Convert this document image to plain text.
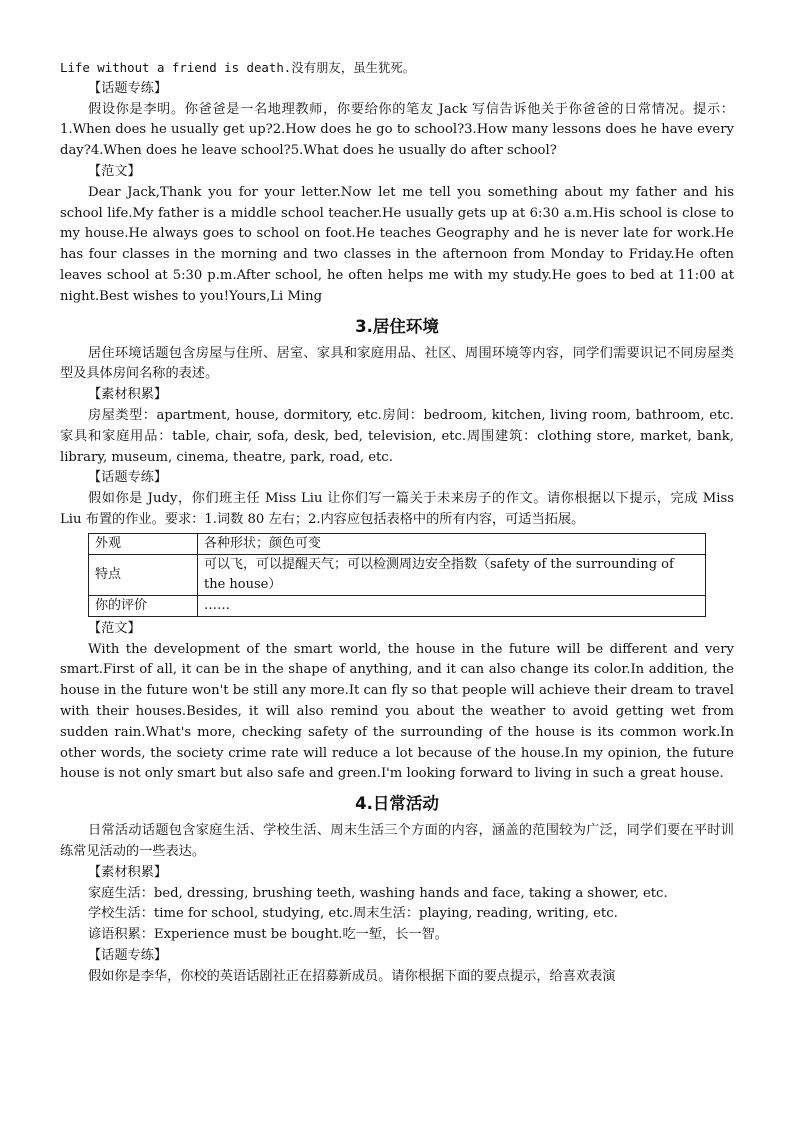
Life without a friend is death.没有朋友，虽生犹死。

【话题专练】

假设你是李明。你爸爸是一名地理教师，你要给你的笔友 Jack 写信告诉他关于你爸爸的日常情况。提示： 1.When does he usually get up?2.How does he go to school?3.How many lessons does he have every day?4.When does he leave school?5.What does he usually do after school?

【范文】

Dear Jack,Thank you for your letter.Now let me tell you something about my father and his school life.My father is a middle school teacher.He usually gets up at 6:30 a.m.His school is close to my house.He always goes to school on foot.He teaches Geography and he is never late for work.He has four classes in the morning and two classes in the afternoon from Monday to Friday.He often leaves school at 5:30 p.m.After school, he often helps me with my study.He goes to bed at 11:00 at night.Best wishes to you!Yours,Li Ming

3.居住环境

居住环境话题包含房屋与住所、居室、家具和家庭用品、社区、周围环境等内容，同学们需要识记不同房屋类型及具体房间名称的表述。

【素材积累】

房屋类型：apartment, house, dormitory, etc.房间：bedroom, kitchen, living room, bathroom, etc.家具和家庭用品：table, chair, sofa, desk, bed, television, etc.周围建筑：clothing store, market, bank, library, museum, cinema, theatre, park, road, etc.

【话题专练】

假如你是 Judy，你们班主任 Miss Liu 让你们写一篇关于未来房子的作文。请你根据以下提示，完成 Miss Liu 布置的作业。要求：1.词数 80 左右；2.内容应包括表格中的所有内容，可适当拓展。

外观	各种形状；颜色可变
特点	可以飞，可以提醒天气；可以检测周边安全指数（safety of the surrounding of the house）
你的评价	……

【范文】

With the development of the smart world, the house in the future will be different and very smart.First of all, it can be in the shape of anything, and it can also change its color.In addition, the house in the future won't be still any more.It can fly so that people will achieve their dream to travel with their houses.Besides, it will also remind you about the weather to avoid getting wet from sudden rain.What's more, checking safety of the surrounding of the house is its common work.In other words, the society crime rate will reduce a lot because of the house.In my opinion, the future house is not only smart but also safe and green.I'm looking forward to living in such a great house.

4.日常活动

日常活动话题包含家庭生活、学校生活、周末生活三个方面的内容，涵盖的范围较为广泛，同学们要在平时训练常见活动的一些表达。

【素材积累】

家庭生活：bed, dressing, brushing teeth, washing hands and face, taking a shower, etc.

学校生活：time for school, studying, etc.周末生活：playing, reading, writing, etc.

谚语积累：Experience must be bought.吃一堑，长一智。

【话题专练】

假如你是李华，你校的英语话剧社正在招募新成员。请你根据下面的要点提示，给喜欢表演
